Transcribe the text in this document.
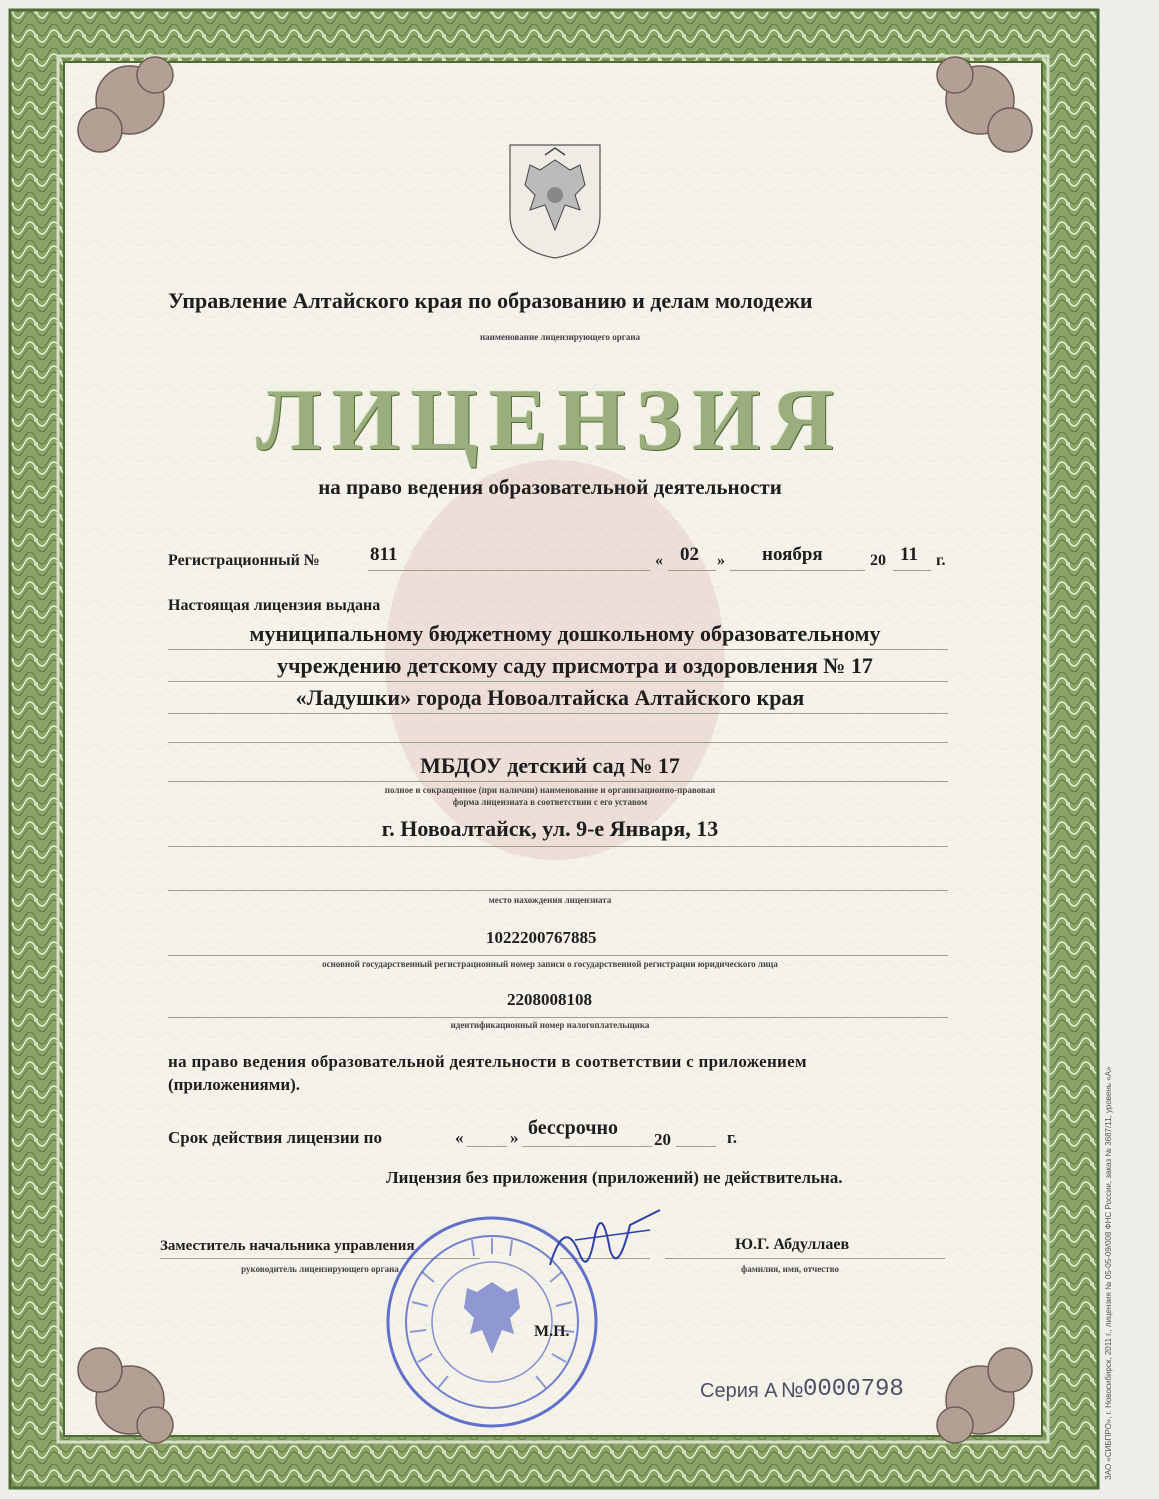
Управление Алтайского края по образованию и делам молодежи
наименование лицензирующего органа
ЛИЦЕНЗИЯ
на право ведения образовательной деятельности
Регистрационный №	811	« 02 » ноября	20 11 г.
Настоящая лицензия выдана
муниципальному бюджетному дошкольному образовательному
учреждению детскому саду присмотра и оздоровления № 17
«Ладушки» города Новоалтайска Алтайского края
МБДОУ детский сад № 17
полное и сокращенное (при наличии) наименование и организационно-правовая
форма лицензиата в соответствии с его уставом
г. Новоалтайск, ул. 9-е Января, 13
место нахождения лицензиата
1022200767885
основной государственный регистрационный номер записи о государственной регистрации юридического лица
2208008108
идентификационный номер налогоплательщика
на право ведения образовательной деятельности в соответствии с приложением
(приложениями).
Срок действия лицензии по	«	» бессрочно
20	г.
Лицензия без приложения (приложений) не действительна.
Заместитель начальника управления
руководитель лицензирующего органа
Ю.Г. Абдуллаев
фамилия, имя, отчество
М.П.
Серия А № 0000798	ЗАО «СИБПРО», г. Новосибирск, 2011 г., лицензия № 05-05-09/008 ФНС России, заказ № 3687/11, уровень «А»
